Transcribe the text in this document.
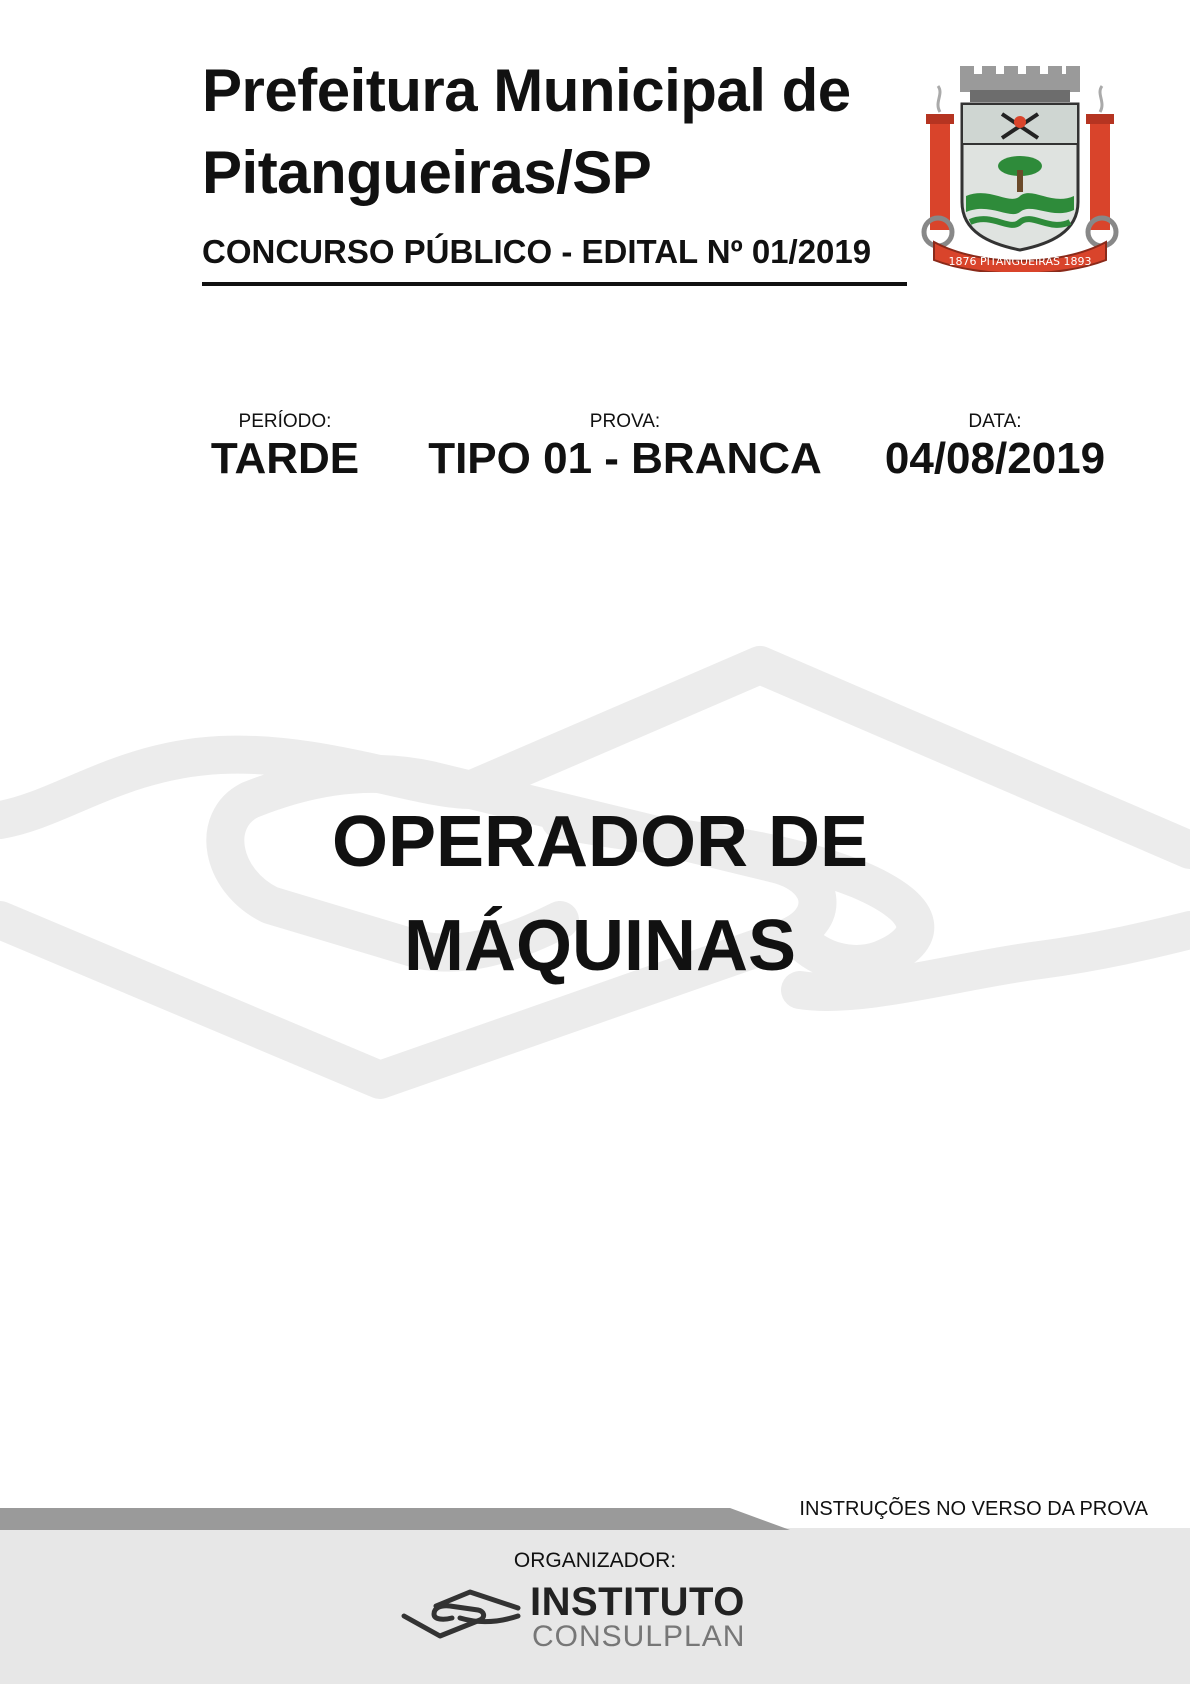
Prefeitura Municipal de
Pitangueiras/SP
CONCURSO PÚBLICO - EDITAL Nº 01/2019	1876 PITANGUEIRAS 1893
PERÍODO:
TARDE
PROVA:
TIPO 01 - BRANCA
DATA:
04/08/2019
OPERADOR DE
MÁQUINAS
INSTRUÇÕES NO VERSO DA PROVA
ORGANIZADOR:
INSTITUTO
CONSULPLAN
